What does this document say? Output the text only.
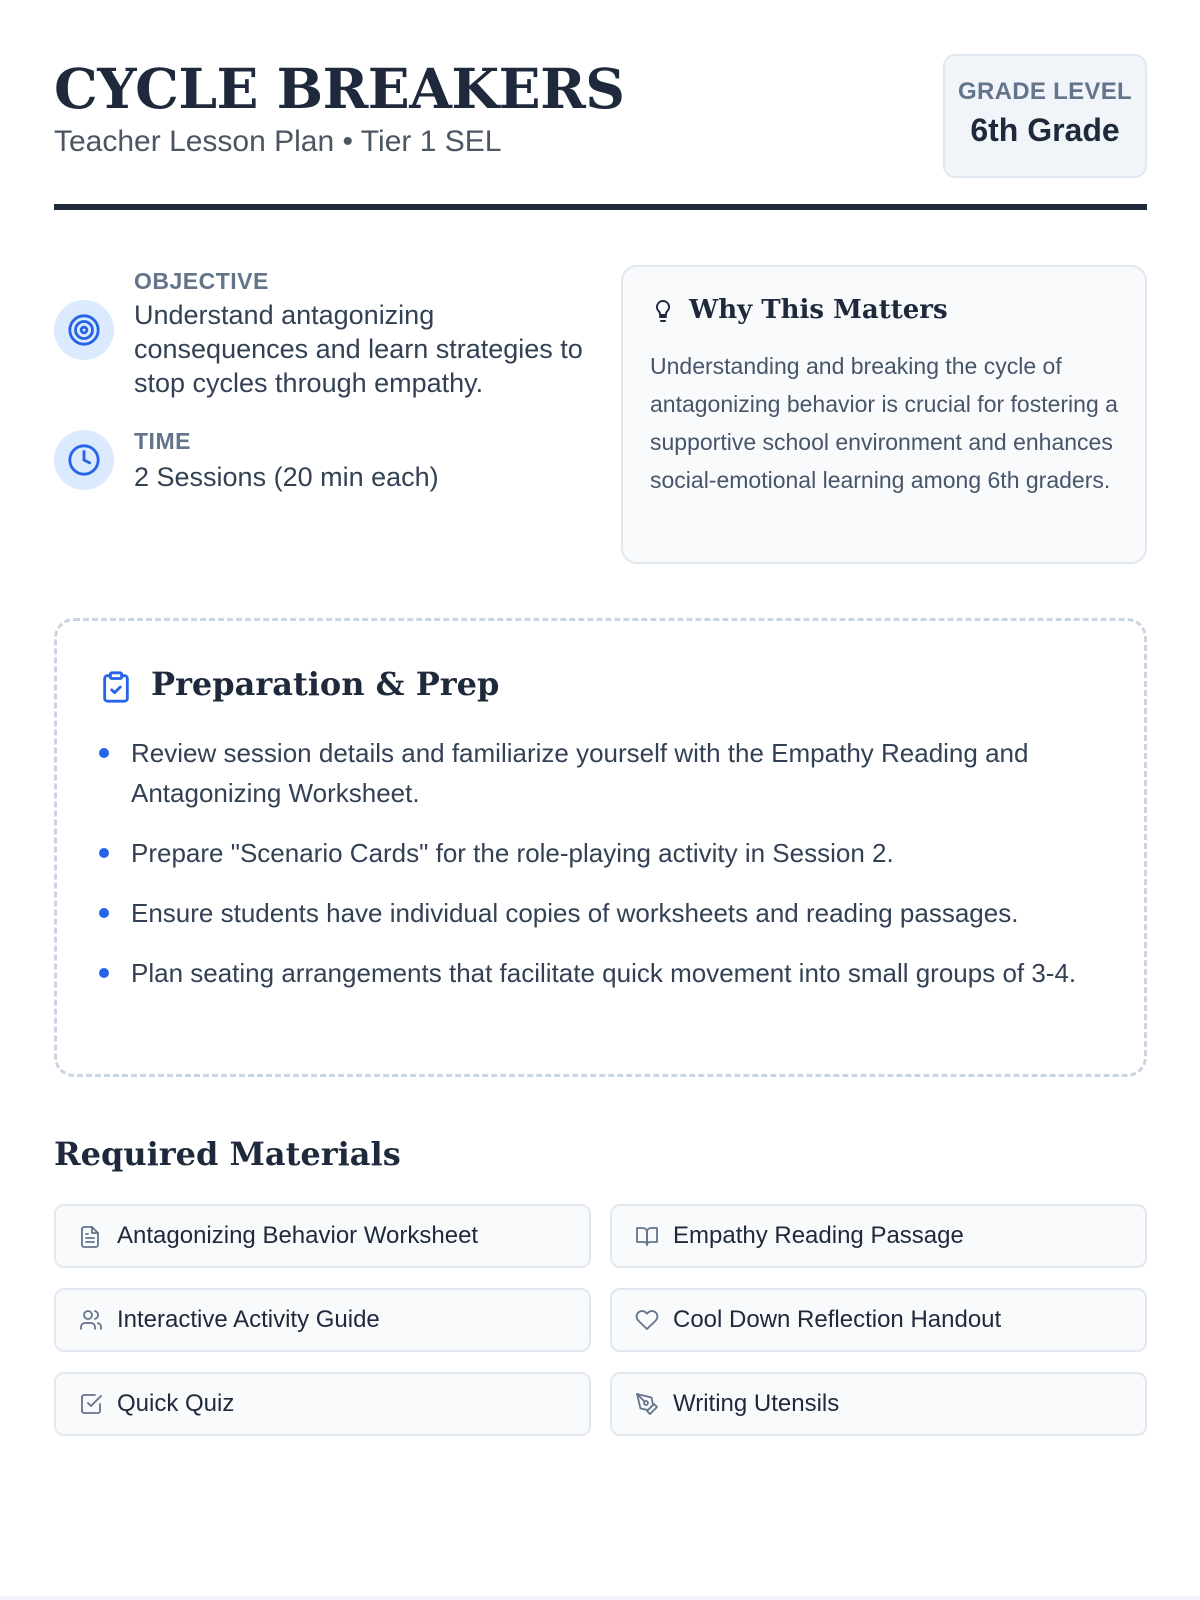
CYCLE BREAKERS
Teacher Lesson Plan • Tier 1 SEL
GRADE LEVEL
6th Grade
OBJECTIVE
Understand antagonizing consequences and learn strategies to stop cycles through empathy.
TIME
2 Sessions (20 min each)
Why This Matters
Understanding and breaking the cycle of antagonizing behavior is crucial for fostering a supportive school environment and enhances social-emotional learning among 6th graders.
Preparation & Prep
Review session details and familiarize yourself with the Empathy Reading and Antagonizing Worksheet.
Prepare "Scenario Cards" for the role-playing activity in Session 2.
Ensure students have individual copies of worksheets and reading passages.
Plan seating arrangements that facilitate quick movement into small groups of 3-4.
Required Materials
Antagonizing Behavior Worksheet	Empathy Reading Passage
Interactive Activity Guide	Cool Down Reflection Handout
Quick Quiz	Writing Utensils
